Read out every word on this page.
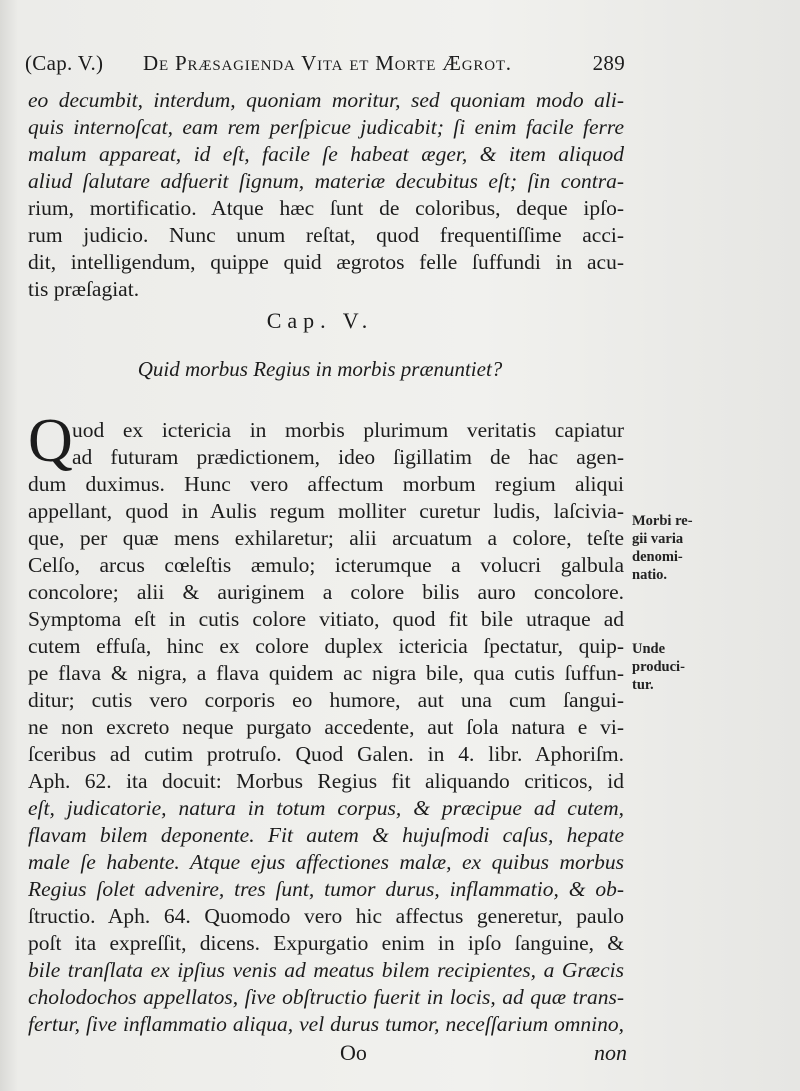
(Cap. V.) De Præsagienda Vita et Morte Ægrot.	289
eo decumbit, interdum, quoniam moritur, sed quoniam modo ali-
quis internoſcat, eam rem perſpicue judicabit; ſi enim facile ferre
malum appareat, id eſt, facile ſe habeat æger, & item aliquod
aliud ſalutare adfuerit ſignum, materiæ decubitus eſt; ſin contra-
rium, mortificatio. Atque hæc ſunt de coloribus, deque ipſo-
rum judicio. Nunc unum reſtat, quod frequentiſſime acci-
dit, intelligendum, quippe quid ægrotos felle ſuffundi in acu-
tis præſagiat.
Cap. V.
Quid morbus Regius in morbis prænuntiet?
Q uod ex ictericia in morbis plurimum veritatis capiatur
ad futuram prædictionem, ideo ſigillatim de hac agen-
dum duximus. Hunc vero affectum morbum regium aliqui
appellant, quod in Aulis regum molliter curetur ludis, laſcivia-
que, per quæ mens exhilaretur; alii arcuatum a colore, teſte
Celſo, arcus cœleſtis æmulo; icterumque a volucri galbula
concolore; alii & auriginem a colore bilis auro concolore.
Symptoma eſt in cutis colore vitiato, quod fit bile utraque ad
cutem effuſa, hinc ex colore duplex ictericia ſpectatur, quip-
pe flava & nigra, a flava quidem ac nigra bile, qua cutis ſuffun-
ditur; cutis vero corporis eo humore, aut una cum ſangui-
ne non excreto neque purgato accedente, aut ſola natura e vi-
ſceribus ad cutim protruſo. Quod Galen. in 4. libr. Aphoriſm.
Aph. 62. ita docuit: Morbus Regius fit aliquando criticos, id
eſt, judicatorie, natura in totum corpus, & præcipue ad cutem,
flavam bilem deponente. Fit autem & hujuſmodi caſus, hepate
male ſe habente. Atque ejus affectiones malæ, ex quibus morbus
Regius ſolet advenire, tres ſunt, tumor durus, inflammatio, & ob-
ſtructio. Aph. 64. Quomodo vero hic affectus generetur, paulo
poſt ita expreſſit, dicens. Expurgatio enim in ipſo ſanguine, &
bile tranſlata ex ipſius venis ad meatus bilem recipientes, a Græcis
cholodochos appellatos, ſive obſtructio fuerit in locis, ad quæ trans-
fertur, ſive inflammatio aliqua, vel durus tumor, neceſſarium omnino,
Morbi re-
gii varia
denomi-
natio.
Unde
produci-
tur.
Oo	non
